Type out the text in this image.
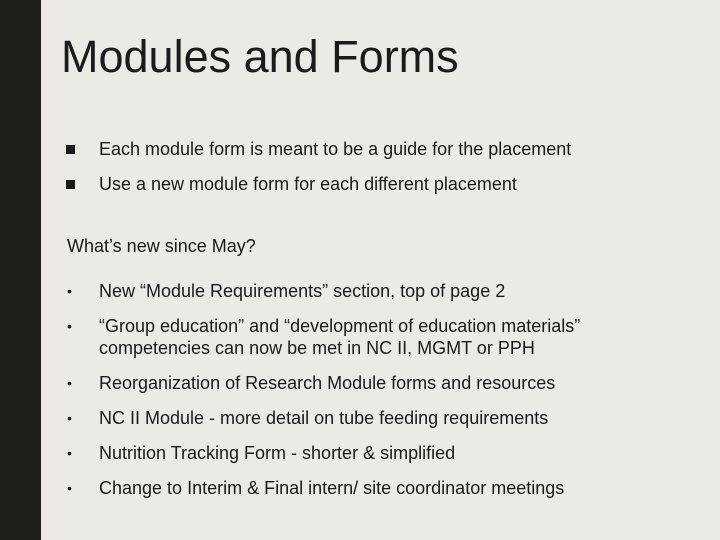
Modules and Forms
Each module form is meant to be a guide for the placement
Use a new module form for each different placement

What’s new since May?

• New “Module Requirements” section, top of page 2
• “Group education” and “development of education materials” competencies can now be met in NC II, MGMT or PPH
• Reorganization of Research Module forms and resources
• NC II Module - more detail on tube feeding requirements
• Nutrition Tracking Form - shorter & simplified
• Change to Interim & Final intern/ site coordinator meetings
